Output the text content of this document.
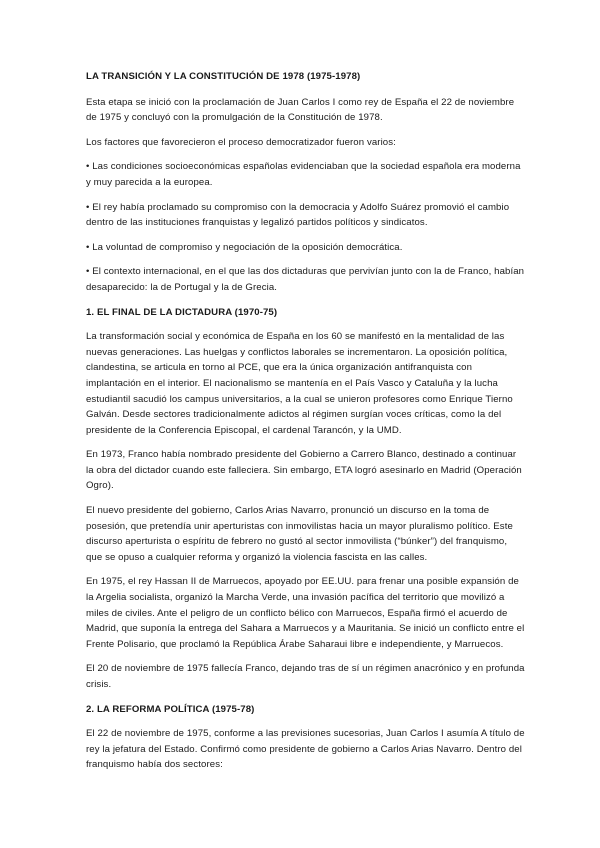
LA TRANSICIÓN Y LA CONSTITUCIÓN DE 1978 (1975-1978)

Esta etapa se inició con la proclamación de Juan Carlos I como rey de España el 22 de noviembre de 1975 y concluyó con la promulgación de la Constitución de 1978.

Los factores que favorecieron el proceso democratizador fueron varios:

• Las condiciones socioeconómicas españolas evidenciaban que la sociedad española era moderna y muy parecida a la europea.

• El rey había proclamado su compromiso con la democracia y Adolfo Suárez promovió el cambio dentro de las instituciones franquistas y legalizó partidos políticos y sindicatos.

• La voluntad de compromiso y negociación de la oposición democrática.

• El contexto internacional, en el que las dos dictaduras que pervivían junto con la de Franco, habían desaparecido: la de Portugal y la de Grecia.

1. EL FINAL DE LA DICTADURA (1970-75)

La transformación social y económica de España en los 60 se manifestó en la mentalidad de las nuevas generaciones. Las huelgas y conflictos laborales se incrementaron. La oposición política, clandestina, se articula en torno al PCE, que era la única organización antifranquista con implantación en el interior. El nacionalismo se mantenía en el País Vasco y Cataluña y la lucha estudiantil sacudió los campus universitarios, a la cual se unieron profesores como Enrique Tierno Galván. Desde sectores tradicionalmente adictos al régimen surgían voces críticas, como la del presidente de la Conferencia Episcopal, el cardenal Tarancón, y la UMD.

En 1973, Franco había nombrado presidente del Gobierno a Carrero Blanco, destinado a continuar la obra del dictador cuando este falleciera. Sin embargo, ETA logró asesinarlo en Madrid (Operación Ogro).

El nuevo presidente del gobierno, Carlos Arias Navarro, pronunció un discurso en la toma de posesión, que pretendía unir aperturistas con inmovilistas hacia un mayor pluralismo político. Este discurso aperturista o espíritu de febrero no gustó al sector inmovilista (“búnker”) del franquismo, que se opuso a cualquier reforma y organizó la violencia fascista en las calles.

En 1975, el rey Hassan II de Marruecos, apoyado por EE.UU. para frenar una posible expansión de la Argelia socialista, organizó la Marcha Verde, una invasión pacífica del territorio que movilizó a miles de civiles. Ante el peligro de un conflicto bélico con Marruecos, España firmó el acuerdo de Madrid, que suponía la entrega del Sahara a Marruecos y a Mauritania. Se inició un conflicto entre el Frente Polisario, que proclamó la República Árabe Saharaui libre e independiente, y Marruecos.

El 20 de noviembre de 1975 fallecía Franco, dejando tras de sí un régimen anacrónico y en profunda crisis.

2. LA REFORMA POLÍTICA (1975-78)

El 22 de noviembre de 1975, conforme a las previsiones sucesorias, Juan Carlos I asumía A título de rey la jefatura del Estado. Confirmó como presidente de gobierno a Carlos Arias Navarro. Dentro del franquismo había dos sectores:
